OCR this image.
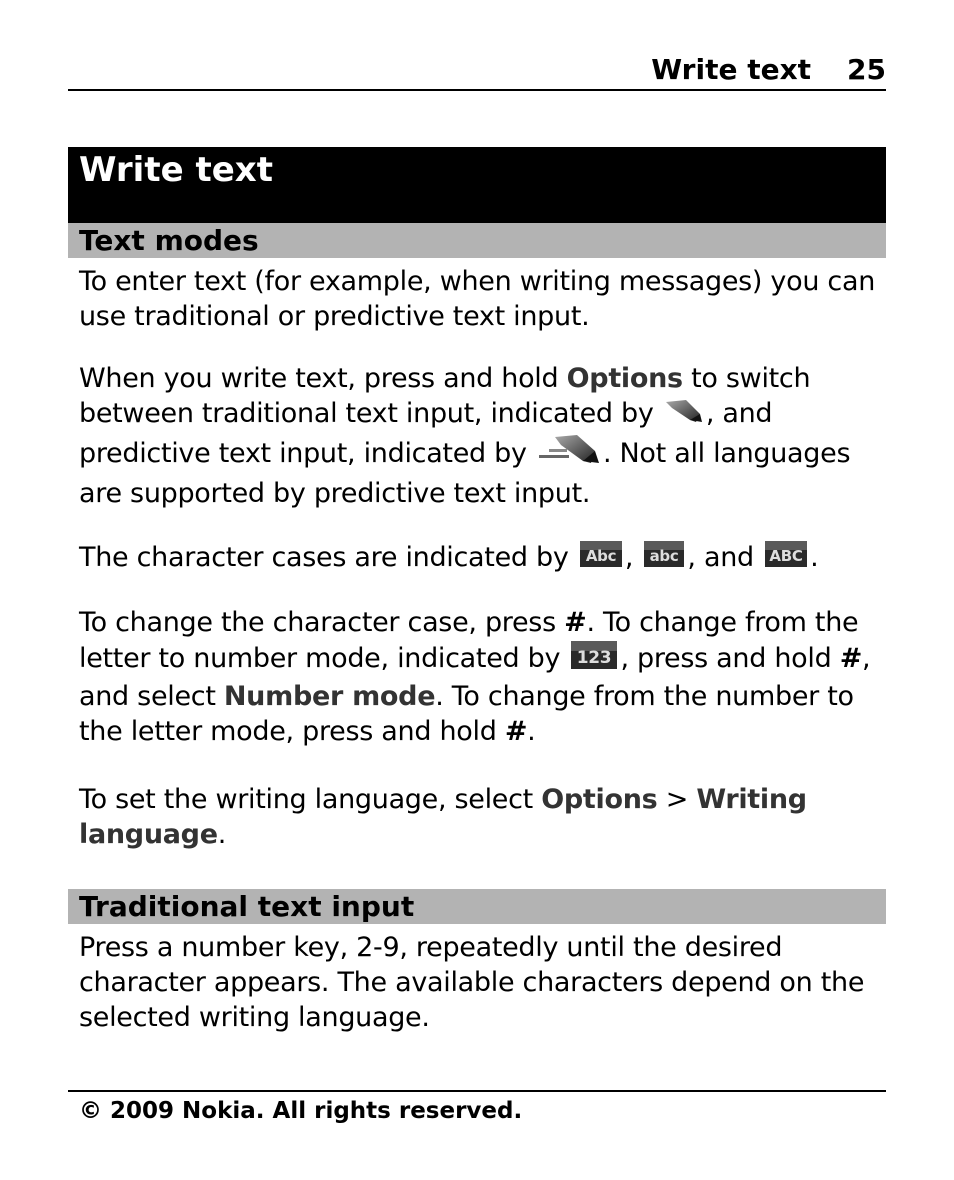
Write text 25
Write text
Text modes

To enter text (for example, when writing messages) you can use traditional or predictive text input.

When you write text, press and hold Options to switch between traditional text input, indicated by , and predictive text input, indicated by	. Not all languages are supported by predictive text input.

The character cases are indicated by Abc , abc , and ABC .

To change the character case, press #. To change from the letter to number mode, indicated by 123 , press and hold #, and select Number mode. To change from the number to the letter mode, press and hold #.

To set the writing language, select Options > Writing language.

Traditional text input

Press a number key, 2-9, repeatedly until the desired character appears. The available characters depend on the selected writing language.

© 2009 Nokia. All rights reserved.
